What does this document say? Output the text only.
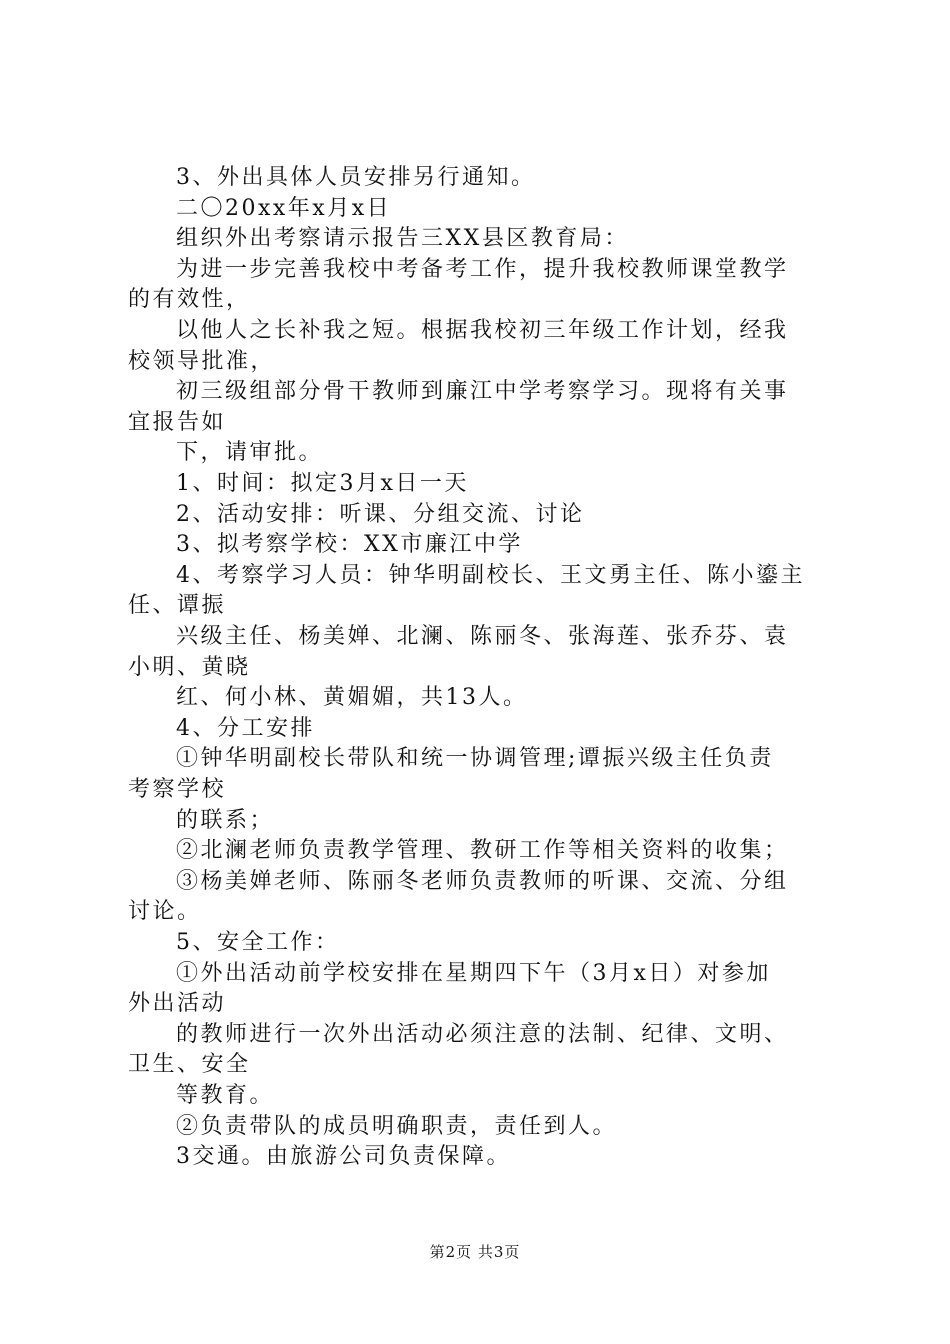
3、外出具体人员安排另行通知。
二〇20xx年x月x日
组织外出考察请示报告三XX县区教育局：
为进一步完善我校中考备考工作，提升我校教师课堂教学
的有效性，
以他人之长补我之短。根据我校初三年级工作计划，经我
校领导批准，
初三级组部分骨干教师到廉江中学考察学习。现将有关事
宜报告如
下，请审批。
1、时间：拟定3月x日一天
2、活动安排：听课、分组交流、讨论
3、拟考察学校：XX市廉江中学
4、考察学习人员：钟华明副校长、王文勇主任、陈小鎏主
任、谭振
兴级主任、杨美婵、北澜、陈丽冬、张海莲、张乔芬、袁
小明、黄晓
红、何小林、黄媚媚，共13人。
4、分工安排
①钟华明副校长带队和统一协调管理;谭振兴级主任负责
考察学校
的联系；
②北澜老师负责教学管理、教研工作等相关资料的收集；
③杨美婵老师、陈丽冬老师负责教师的听课、交流、分组
讨论。
5、安全工作：
①外出活动前学校安排在星期四下午（3月x日）对参加
外出活动
的教师进行一次外出活动必须注意的法制、纪律、文明、
卫生、安全
等教育。
②负责带队的成员明确职责，责任到人。
3交通。由旅游公司负责保障。
第2页 共3页
